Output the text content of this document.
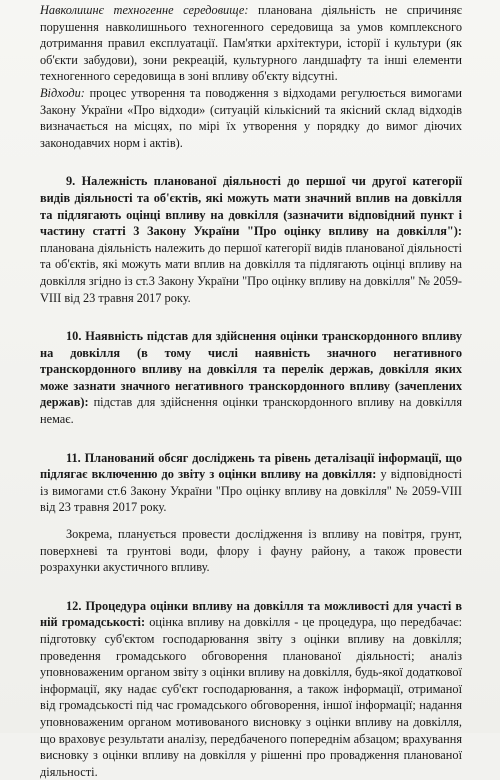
Навколишнє техногенне середовище: планована діяльність не спричиняє порушення навколишнього техногенного середовища за умов комплексного дотримання правил експлуатації. Пам'ятки архітектури, історії і культури (як об'єкти забудови), зони рекреацій, культурного ландшафту та інші елементи техногенного середовища в зоні впливу об'єкту відсутні.

Відходи: процес утворення та поводження з відходами регулюється вимогами Закону України «Про відходи» (ситуацій кількісний та якісний склад відходів визначається на місцях, по мірі їх утворення у порядку до вимог діючих законодавчих норм і актів).

9. Належність планованої діяльності до першої чи другої категорії видів діяльності та об'єктів, які можуть мати значний вплив на довкілля та підлягають оцінці впливу на довкілля (зазначити відповідний пункт і частину статті 3 Закону України "Про оцінку впливу на довкілля"): планована діяльність належить до першої категорії видів планованої діяльності та об'єктів, які можуть мати вплив на довкілля та підлягають оцінці впливу на довкілля згідно із ст.3 Закону України "Про оцінку впливу на довкілля" № 2059-VIII від 23 травня 2017 року.

10. Наявність підстав для здійснення оцінки транскордонного впливу на довкілля (в тому числі наявність значного негативного транскордонного впливу на довкілля та перелік держав, довкілля яких може зазнати значного негативного транскордонного впливу (зачеплених держав): підстав для здійснення оцінки транскордонного впливу на довкілля немає.

11. Планований обсяг досліджень та рівень деталізації інформації, що підлягає включенню до звіту з оцінки впливу на довкілля: у відповідності із вимогами ст.6 Закону України "Про оцінку впливу на довкілля" № 2059-VIII від 23 травня 2017 року.

Зокрема, планується провести дослідження із впливу на повітря, грунт, поверхневі та грунтові води, флору і фауну району, а також провести розрахунки акустичного впливу.

12. Процедура оцінки впливу на довкілля та можливості для участі в ній громадськості: оцінка впливу на довкілля - це процедура, що передбачає: підготовку суб'єктом господарювання звіту з оцінки впливу на довкілля; проведення громадського обговорення планованої діяльності; аналіз уповноваженим органом звіту з оцінки впливу на довкілля, будь-якої додаткової інформації, яку надає суб'єкт господарювання, а також інформації, отриманої від громадськості під час громадського обговорення, іншої інформації; надання уповноваженим органом мотивованого висновку з оцінки впливу на довкілля, що враховує результати аналізу, передбаченого попереднім абзацом; врахування висновку з оцінки впливу на довкілля у рішенні про провадження планованої діяльності.
